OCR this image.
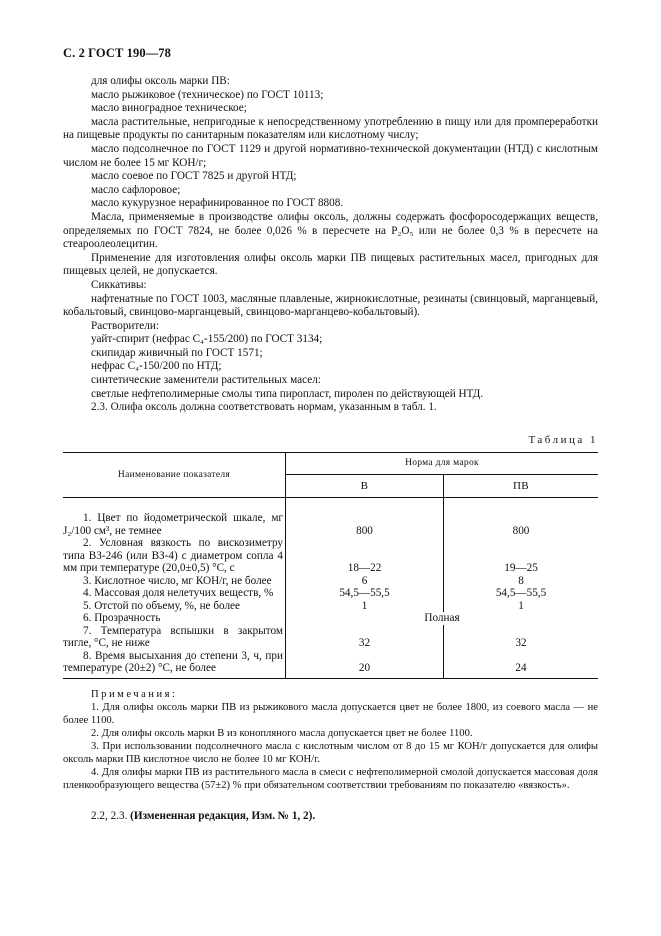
С. 2 ГОСТ 190—78

для олифы оксоль марки ПВ:

масло рыжиковое (техническое) по ГОСТ 10113;

масло виноградное техническое;

масла растительные, непригодные к непосредственному употреблению в пищу или для промпереработки на пищевые продукты по санитарным показателям или кислотному числу;

масло подсолнечное по ГОСТ 1129 и другой нормативно-технической документации (НТД) с кислотным числом не более 15 мг КОН/г;

масло соевое по ГОСТ 7825 и другой НТД;

масло сафлоровое;

масло кукурузное нерафинированное по ГОСТ 8808.

Масла, применяемые в производстве олифы оксоль, должны содержать фосфоросодержащих веществ, определяемых по ГОСТ 7824, не более 0,026 % в пересчете на P₂O₅ или не более 0,3 % в пересчете на стеароолеолецитин.

Применение для изготовления олифы оксоль марки ПВ пищевых растительных масел, пригодных для пищевых целей, не допускается.

Сиккативы:

нафтенатные по ГОСТ 1003, масляные плавленые, жирнокислотные, резинаты (свинцовый, марганцевый, кобальтовый, свинцово-марганцевый, свинцово-марганцево-кобальтовый).

Растворители:

уайт-спирит (нефрас С₄-155/200) по ГОСТ 3134;

скипидар живичный по ГОСТ 1571;

нефрас С₄-150/200 по НТД;

синтетические заменители растительных масел:

светлые нефтеполимерные смолы типа пиропласт, пиролен по действующей НТД.

2.3. Олифа оксоль должна соответствовать нормам, указанным в табл. 1.

Таблица 1
Наименование показателя	Норма для марок	
	В	ПВ

1. Цвет по йодометрической шкале, мг J₂/100 см³, не темнее	800	800

2. Условная вязкость по вискозиметру типа ВЗ-246 (или ВЗ-4) с диаметром сопла 4 мм при температуре (20,0±0,5) °С, с	18—22	19—25

3. Кислотное число, мг КОН/г, не более	6	8

4. Массовая доля нелетучих веществ, %	54,5—55,5	54,5—55,5

5. Отстой по объему, %, не более	1	1

6. Прозрачность	Полная	

7. Температура вспышки в закрытом тигле, °С, не ниже	32	32

8. Время высыхания до степени 3, ч, при температуре (20±2) °С, не более	20	24

Примечания:

1. Для олифы оксоль марки ПВ из рыжикового масла допускается цвет не более 1800, из соевого масла — не более 1100.

2. Для олифы оксоль марки В из конопляного масла допускается цвет не более 1100.

3. При использовании подсолнечного масла с кислотным числом от 8 до 15 мг КОН/г допускается для олифы оксоль марки ПВ кислотное число не более 10 мг КОН/г.

4. Для олифы марки ПВ из растительного масла в смеси с нефтеполимерной смолой допускается массовая доля пленкообразующего вещества (57±2) % при обязательном соответствии требованиям по показателю «вязкость».

2.2, 2.3. (Измененная редакция, Изм. № 1, 2).
